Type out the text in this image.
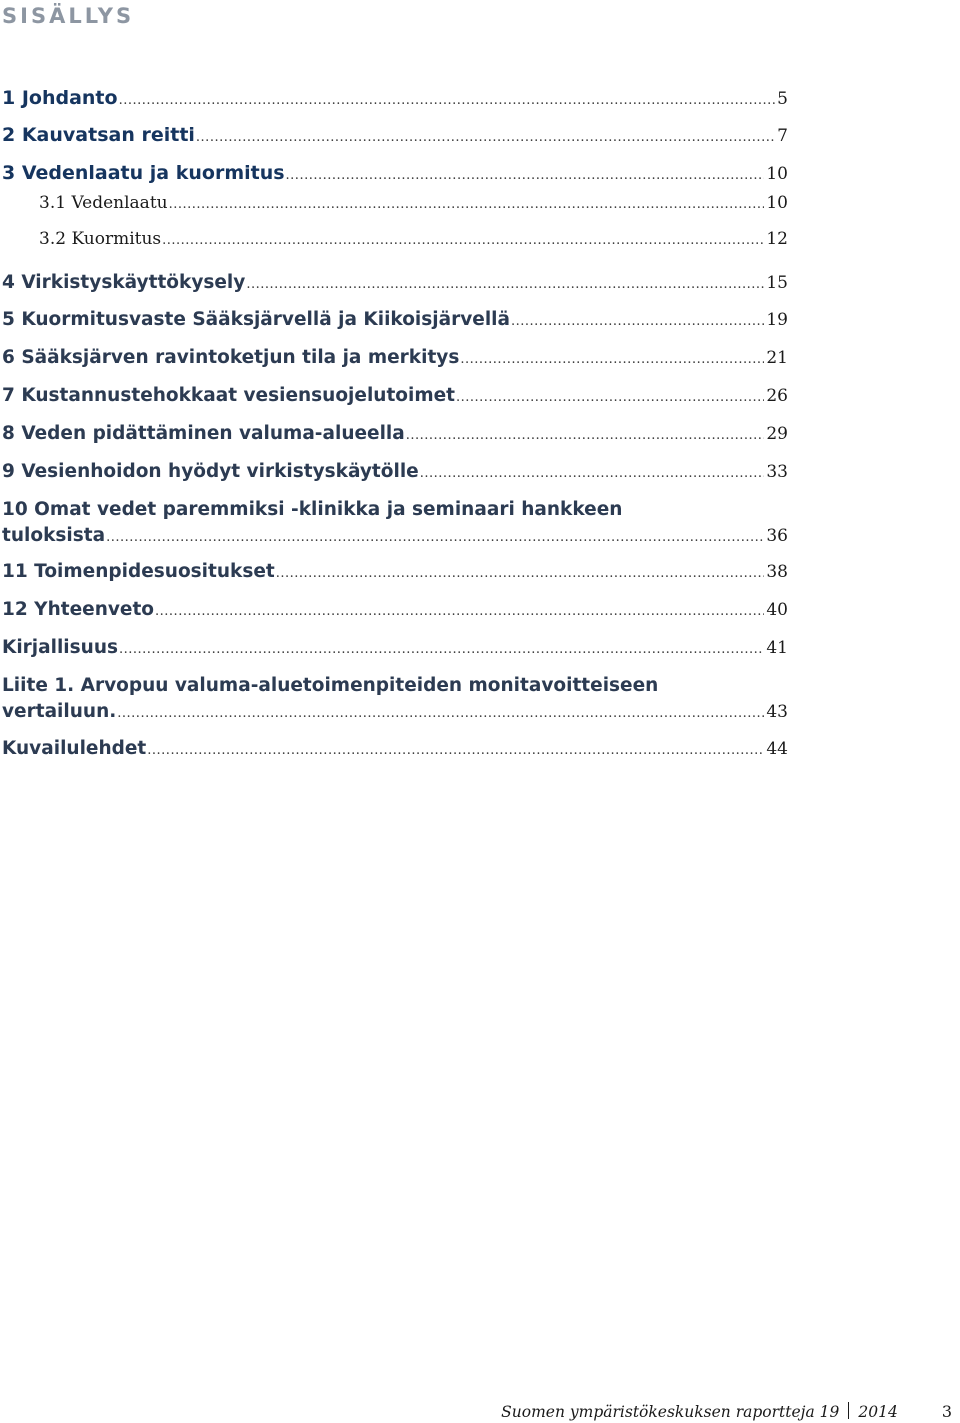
SISÄLLYS
1 Johdanto .....	5
2 Kauvatsan reitti .....	7
3 Vedenlaatu ja kuormitus .....	10
3.1 Vedenlaatu .....	10
3.2 Kuormitus .....	12
4 Virkistyskäyttökysely .....	15
5 Kuormitusvaste Sääksjärvellä ja Kiikoisjärvellä .....	19
6 Sääksjärven ravintoketjun tila ja merkitys .....	21
7 Kustannustehokkaat vesiensuojelutoimet .....	26
8 Veden pidättäminen valuma-alueella .....	29
9 Vesienhoidon hyödyt virkistyskäytölle .....	33
10 Omat vedet paremmiksi -klinikka ja seminaari hankkeen
tuloksista .....	36
11 Toimenpidesuositukset .....	38
12 Yhteenveto .....	40
Kirjallisuus .....	41
Liite 1. Arvopuu valuma-aluetoimenpiteiden monitavoitteiseen
vertailuun. .....	43
Kuvailulehdet .....	44
Suomen ympäristökeskuksen raportteja 19 2014	3
